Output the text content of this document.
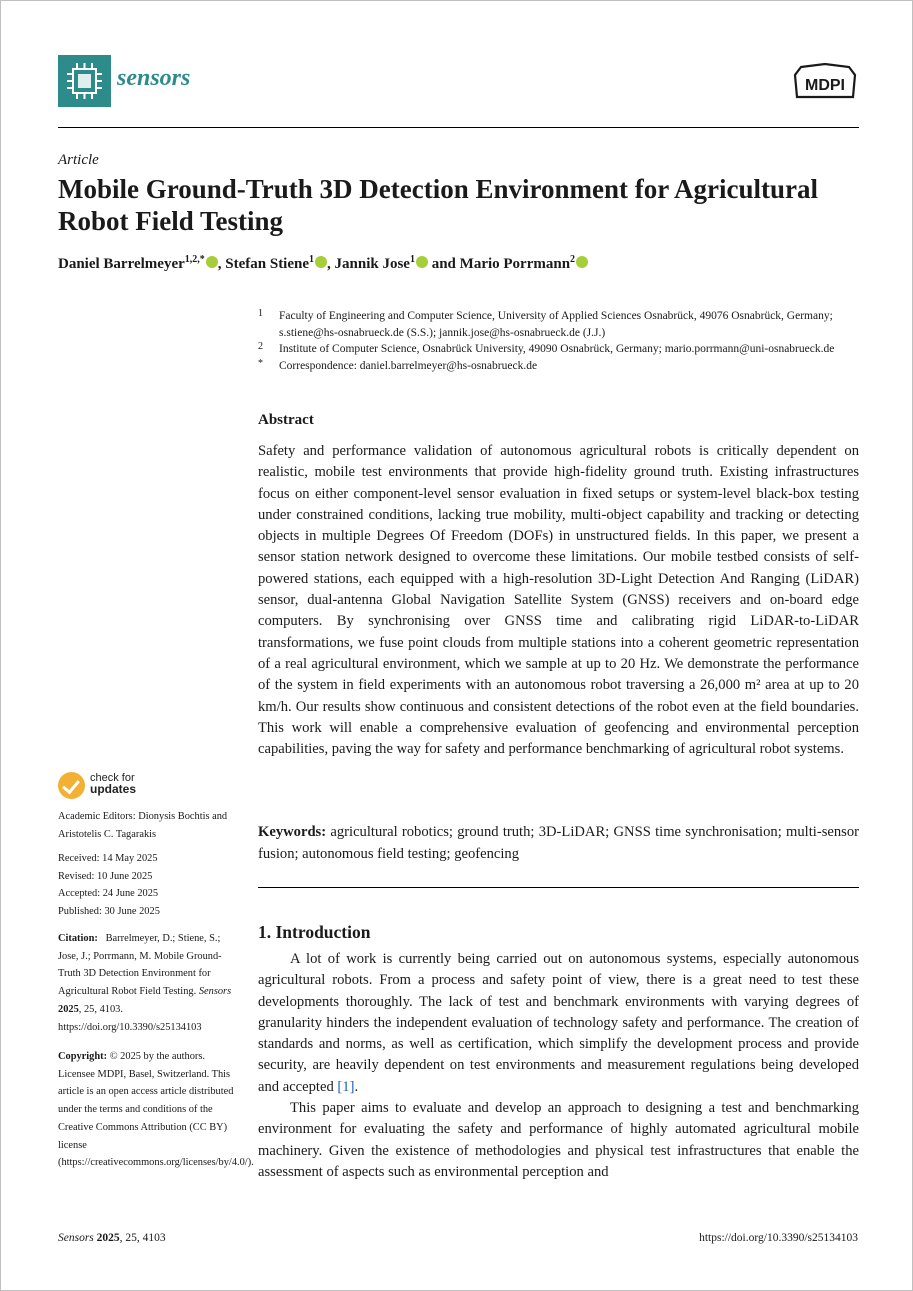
sensors	MDPI
Article
Mobile Ground-Truth 3D Detection Environment for Agricultural Robot Field Testing
Daniel Barrelmeyer$^{1,2,*}$ , Stefan Stiene$^1$ , Jannik Jose$^1$ and Mario Porrmann$^2$
1 Faculty of Engineering and Computer Science, University of Applied Sciences Osnabrück, 49076 Osnabrück, Germany; s.stiene@hs-osnabrueck.de (S.S.); jannik.jose@hs-osnabrueck.de (J.J.)
2 Institute of Computer Science, Osnabrück University, 49090 Osnabrück, Germany; mario.porrmann@uni-osnabrueck.de
* Correspondence: daniel.barrelmeyer@hs-osnabrueck.de
Abstract
Safety and performance validation of autonomous agricultural robots is critically dependent on realistic, mobile test environments that provide high-fidelity ground truth. Existing infrastructures focus on either component-level sensor evaluation in fixed setups or system-level black-box testing under constrained conditions, lacking true mobility, multi-object capability and tracking or detecting objects in multiple Degrees Of Freedom (DOFs) in unstructured fields. In this paper, we present a sensor station network designed to overcome these limitations. Our mobile testbed consists of self-powered stations, each equipped with a high-resolution 3D-Light Detection And Ranging (LiDAR) sensor, dual-antenna Global Navigation Satellite System (GNSS) receivers and on-board edge computers. By synchronising over GNSS time and calibrating rigid LiDAR-to-LiDAR transformations, we fuse point clouds from multiple stations into a coherent geometric representation of a real agricultural environment, which we sample at up to 20 Hz. We demonstrate the performance of the system in field experiments with an autonomous robot traversing a 26,000 m² area at up to 20 km/h. Our results show continuous and consistent detections of the robot even at the field boundaries. This work will enable a comprehensive evaluation of geofencing and environmental perception capabilities, paving the way for safety and performance benchmarking of agricultural robot systems.
Keywords: agricultural robotics; ground truth; 3D-LiDAR; GNSS time synchronisation; multi-sensor fusion; autonomous field testing; geofencing
1. Introduction

A lot of work is currently being carried out on autonomous systems, especially autonomous agricultural robots. From a process and safety point of view, there is a great need to test these developments thoroughly. The lack of test and benchmark environments with varying degrees of granularity hinders the independent evaluation of technology safety and performance. The creation of standards and norms, as well as certification, which simplify the development process and provide security, are heavily dependent on test environments and measurement regulations being developed and accepted [1].

This paper aims to evaluate and develop an approach to designing a test and benchmarking environment for evaluating the safety and performance of highly automated agricultural mobile machinery. Given the existence of methodologies and physical test infrastructures that enable the assessment of aspects such as environmental perception and

check for
updates
Academic Editors: Dionysis Bochtis and Aristotelis C. Tagarakis
Received: 14 May 2025
Revised: 10 June 2025
Accepted: 24 June 2025
Published: 30 June 2025
Citation: Barrelmeyer, D.; Stiene, S.; Jose, J.; Porrmann, M. Mobile Ground-Truth 3D Detection Environment for Agricultural Robot Field Testing. Sensors 2025, 25, 4103. https://doi.org/10.3390/s25134103
Copyright: © 2025 by the authors. Licensee MDPI, Basel, Switzerland. This article is an open access article distributed under the terms and conditions of the Creative Commons Attribution (CC BY) license (https://creativecommons.org/licenses/by/4.0/).
Sensors 2025, 25, 4103	https://doi.org/10.3390/s25134103
